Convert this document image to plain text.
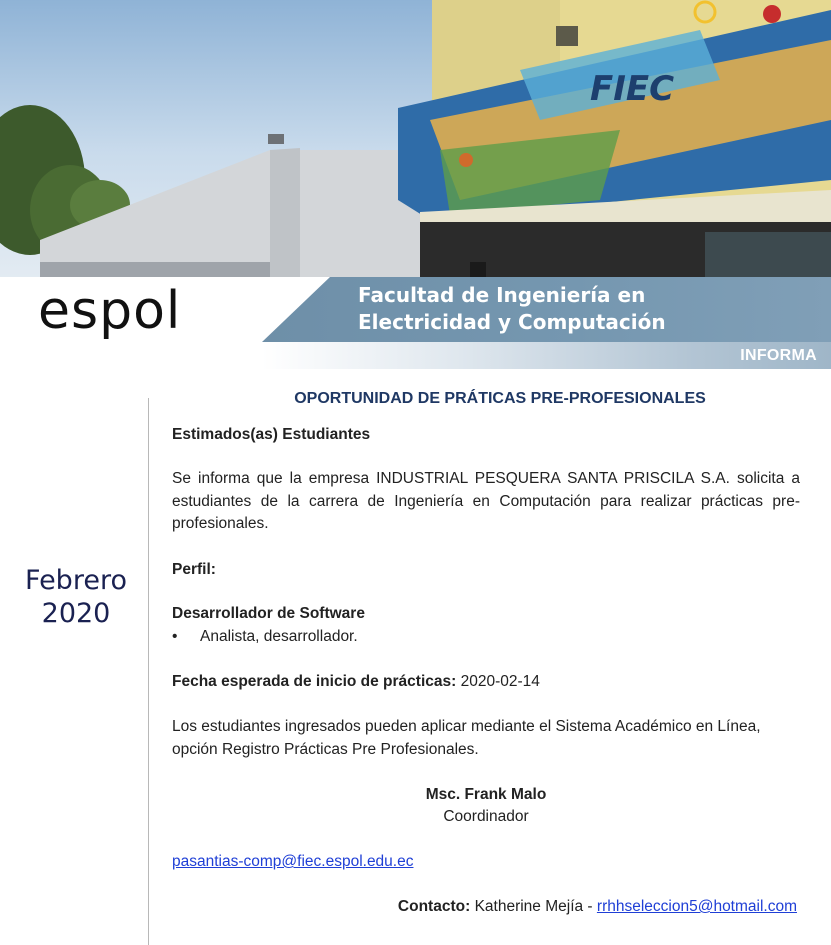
FIEC
espol	Facultad de Ingeniería en
Electricidad y Computación
INFORMA
Febrero
2020
OPORTUNIDAD DE PRÁTICAS PRE-PROFESIONALES
Estimados(as) Estudiantes
Se informa que la empresa INDUSTRIAL PESQUERA SANTA PRISCILA S.A. solicita a estudiantes de la carrera de Ingeniería en Computación para realizar prácticas pre-profesionales.
Perfil:
Desarrollador de Software
• Analista, desarrollador.
Fecha esperada de inicio de prácticas: 2020-02-14
Los estudiantes ingresados pueden aplicar mediante el Sistema Académico en Línea, opción Registro Prácticas Pre Profesionales.
Msc. Frank Malo
Coordinador
pasantias-comp@fiec.espol.edu.ec
Contacto: Katherine Mejía - rrhhseleccion5@hotmail.com
